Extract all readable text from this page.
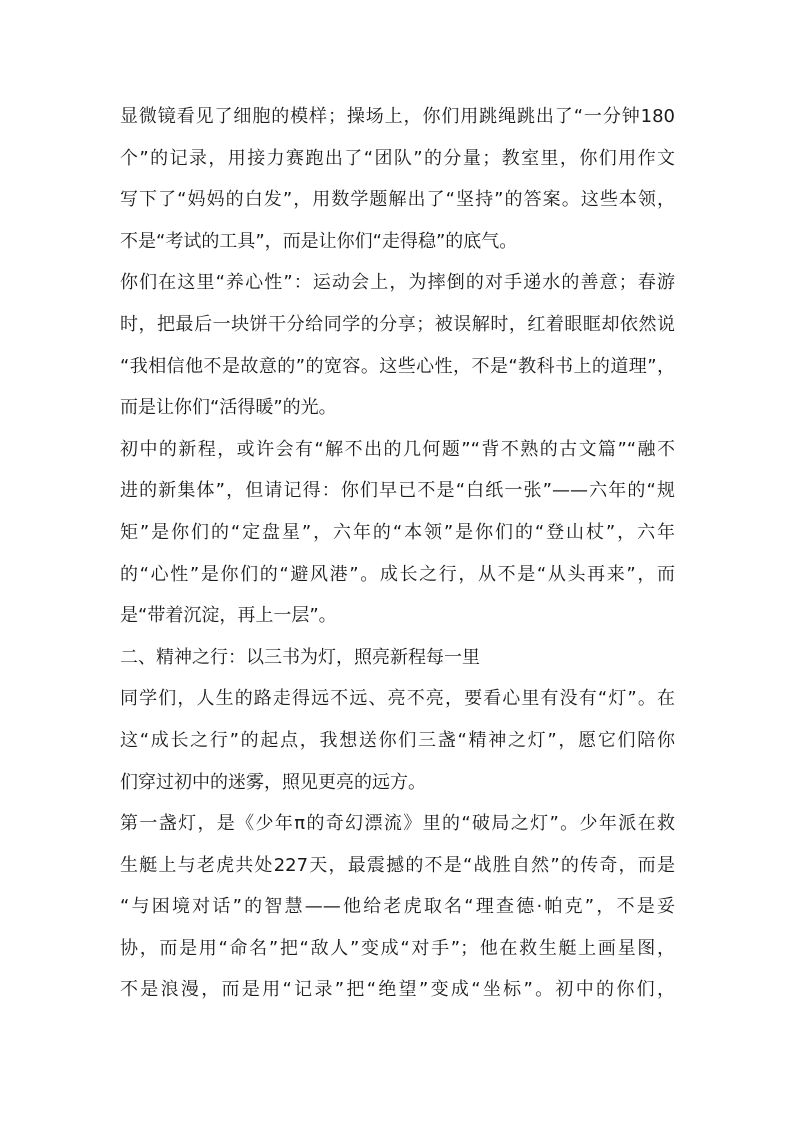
显微镜看见了细胞的模样；操场上，你们用跳绳跳出了“一分钟180
个”的记录，用接力赛跑出了“团队”的分量；教室里，你们用作文
写下了“妈妈的白发”，用数学题解出了“坚持”的答案。这些本领，
不是“考试的工具”，而是让你们“走得稳”的底气。
你们在这里“养心性”：运动会上，为摔倒的对手递水的善意；春游
时，把最后一块饼干分给同学的分享；被误解时，红着眼眶却依然说
“我相信他不是故意的”的宽容。这些心性，不是“教科书上的道理”，
而是让你们“活得暖”的光。
初中的新程，或许会有“解不出的几何题”“背不熟的古文篇”“融不
进的新集体”，但请记得：你们早已不是“白纸一张”——六年的“规
矩”是你们的“定盘星”，六年的“本领”是你们的“登山杖”，六年
的“心性”是你们的“避风港”。成长之行，从不是“从头再来”，而
是“带着沉淀，再上一层”。
二、精神之行：以三书为灯，照亮新程每一里
同学们，人生的路走得远不远、亮不亮，要看心里有没有“灯”。在
这“成长之行”的起点，我想送你们三盏“精神之灯”，愿它们陪你
们穿过初中的迷雾，照见更亮的远方。
第一盏灯，是《少年π的奇幻漂流》里的“破局之灯”。少年派在救
生艇上与老虎共处227天，最震撼的不是“战胜自然”的传奇，而是
“与困境对话”的智慧——他给老虎取名“理查德·帕克”，不是妥
协，而是用“命名”把“敌人”变成“对手”；他在救生艇上画星图，
不是浪漫，而是用“记录”把“绝望”变成“坐标”。初中的你们，
